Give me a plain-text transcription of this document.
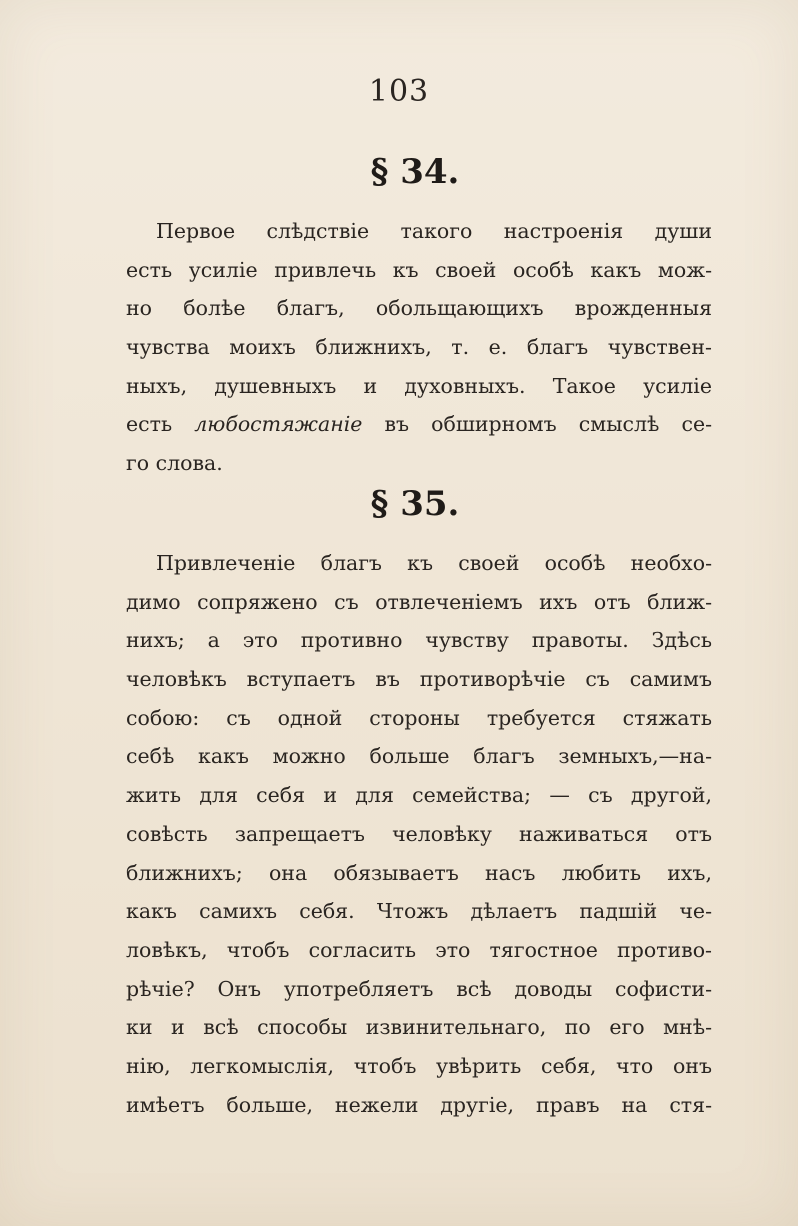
103
§ 34.
Первое слѣдствіе такого настроенія души
есть усиліе привлечь къ своей особѣ какъ мож-
но болѣе благъ, обольщающихъ врожденныя
чувства моихъ ближнихъ, т. е. благъ чувствен-
ныхъ, душевныхъ и духовныхъ. Такое усиліе
есть любостяжаніе въ обширномъ смыслѣ се-
го слова.
§ 35.
Привлеченіе благъ къ своей особѣ необхо-
димо сопряжено съ отвлеченіемъ ихъ отъ ближ-
нихъ; а это противно чувству правоты. Здѣсь
человѣкъ вступаетъ въ противорѣчіе съ самимъ
собою: съ одной стороны требуется стяжать
себѣ какъ можно больше благъ земныхъ,—на-
жить для себя и для семейства; — съ другой,
совѣсть запрещаетъ человѣку наживаться отъ
ближнихъ; она обязываетъ насъ любить ихъ,
какъ самихъ себя. Чтожъ дѣлаетъ падшій че-
ловѣкъ, чтобъ согласить это тягостное противо-
рѣчіе? Онъ употребляетъ всѣ доводы софисти-
ки и всѣ способы извинительнаго, по его мнѣ-
нію, легкомыслія, чтобъ увѣрить себя, что онъ
имѣетъ больше, нежели другіе, правъ на стя-
